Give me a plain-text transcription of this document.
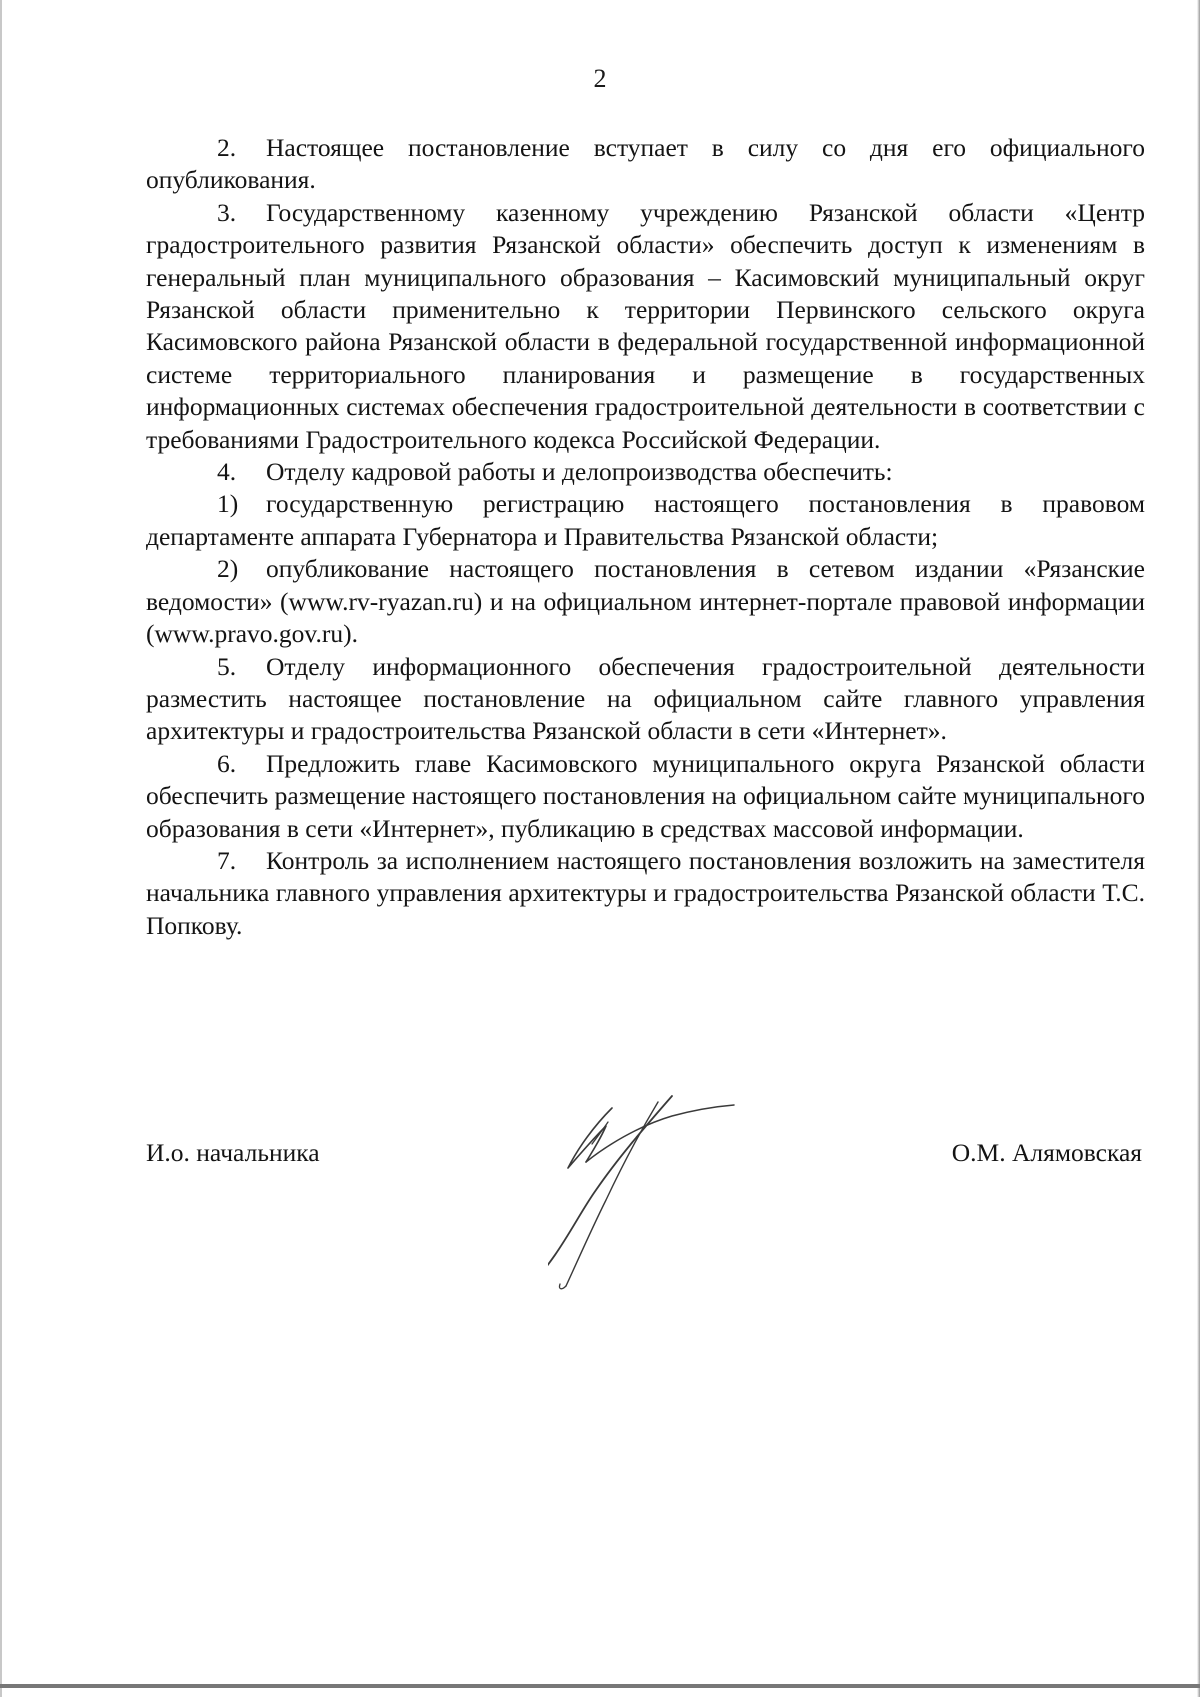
2

2. Настоящее постановление вступает в силу со дня его официального опубликования.

3. Государственному казенному учреждению Рязанской области «Центр градостроительного развития Рязанской области» обеспечить доступ к изменениям в генеральный план муниципального образования – Касимовский муниципальный округ Рязанской области применительно к территории Первинского сельского округа Касимовского района Рязанской области в федеральной государственной информационной системе территориального планирования и размещение в государственных информационных системах обеспечения градостроительной деятельности в соответствии с требованиями Градостроительного кодекса Российской Федерации.

4. Отделу кадровой работы и делопроизводства обеспечить:

1) государственную регистрацию настоящего постановления в правовом департаменте аппарата Губернатора и Правительства Рязанской области;

2) опубликование настоящего постановления в сетевом издании «Рязанские ведомости» (www.rv-ryazan.ru) и на официальном интернет-портале правовой информации (www.pravo.gov.ru).

5. Отделу информационного обеспечения градостроительной деятельности разместить настоящее постановление на официальном сайте главного управления архитектуры и градостроительства Рязанской области в сети «Интернет».

6. Предложить главе Касимовского муниципального округа Рязанской области обеспечить размещение настоящего постановления на официальном сайте муниципального образования в сети «Интернет», публикацию в средствах массовой информации.

7. Контроль за исполнением настоящего постановления возложить на заместителя начальника главного управления архитектуры и градостроительства Рязанской области Т.С. Попкову.

И.о. начальника	О.М. Алямовская
